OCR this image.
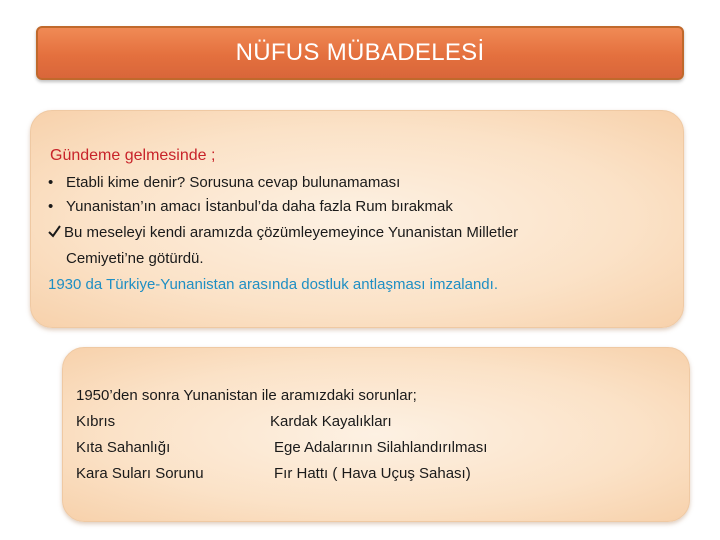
NÜFUS MÜBADELESİ
Gündeme gelmesinde ;
• Etabli kime denir? Sorusuna cevap bulunamaması
• Yunanistan’ın amacı İstanbul’da daha fazla Rum bırakmak
Bu meseleyi kendi aramızda çözümleyemeyince Yunanistan Milletler
Cemiyeti’ne götürdü.
1930 da Türkiye-Yunanistan arasında dostluk antlaşması imzalandı.
1950’den sonra Yunanistan ile aramızdaki sorunlar;
Kıbrıs
Kıta Sahanlığı
Kara Suları Sorunu
Kardak Kayalıkları
Ege Adalarının Silahlandırılması
Fır Hattı ( Hava Uçuş Sahası)
